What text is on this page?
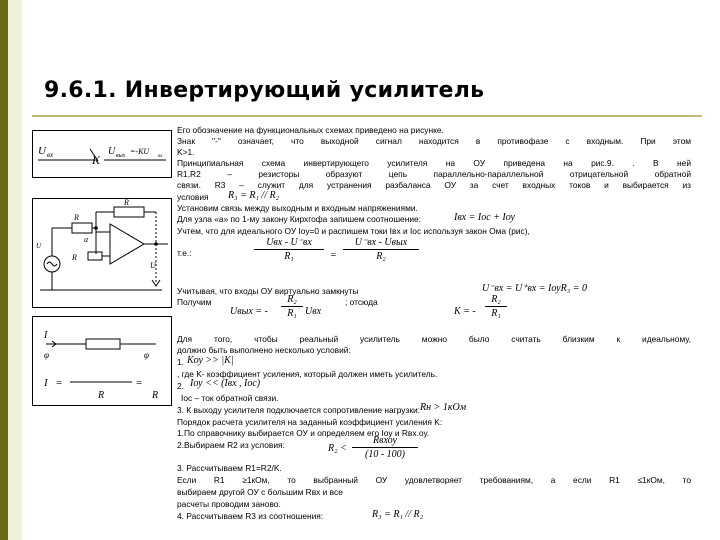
9.6.1. Инвертирующий усилитель
U вх	K
U вых =-KU
вх
R
R
a
R
U
U
I
φ	φ
I =
R
=
R
Его обозначение на функциональных схемах приведено на рисунке.
Знак "-" означает, что выходной сигнал находится в противофазе с входным. При этом
K>1.
Принципиальная схема инвертирующего усилителя на ОУ приведена на рис.9. . В ней
R1,R2 – резисторы образуют цепь параллельно-параллельной отрицательной обратной
связи. R3 – служит для устранения разбаланса ОУ за счет входных токов и выбирается из
условия R₃ = R₁ // R₂
Установим связь между выходным и входным напряжениями.
Для узла «a» по 1-му закону Кирхгофа запишем соотношение:	Iвх = Iос + Iоу
Учтем, что для идеального ОУ Iоу=0 и распишем токи Iвх и Iос используя закон Ома (рис),
т.е.:
Uвх - U⁻вх
R₁	=
U⁻вх - Uвых
R₂
Учитывая, что входы ОУ виртуально замкнуты	U⁻вх = U⁺вх = IоуR₃ = 0
Получим
Uвых = -
R₂
R₁ Uвх
; отсюда
K = -
R₂
R₁
Для того, чтобы реальный усилитель можно было считать близким к идеальному,
должно быть выполнено несколько условий:
1. Kоу >> |K|
, где K- коэффициент усиления, который должен иметь усилитель.
2. Iоу << (Iвх , Iос)
Iос – ток обратной связи.
3. К выходу усилителя подключается сопротивление нагрузки: Rн > 1кОм
Порядок расчета усилителя на заданный коэффициент усиления K:
1.По справочнику выбирается ОУ и определяем его Iоу и Rвх.оу.
2.Выбираем R2 из условия:	R₂ <
Rвхоу
(10 - 100)
3. Рассчитываем R1=R2/K.
Если R1 ≥1кОм, то выбранный ОУ удовлетворяет требованиям, а если R1 ≤1кОм, то
выбираем другой ОУ с большим Rвх и все
расчеты проводим заново.
4. Рассчитываем R3 из соотношения:	R₃ = R₁ // R₂
